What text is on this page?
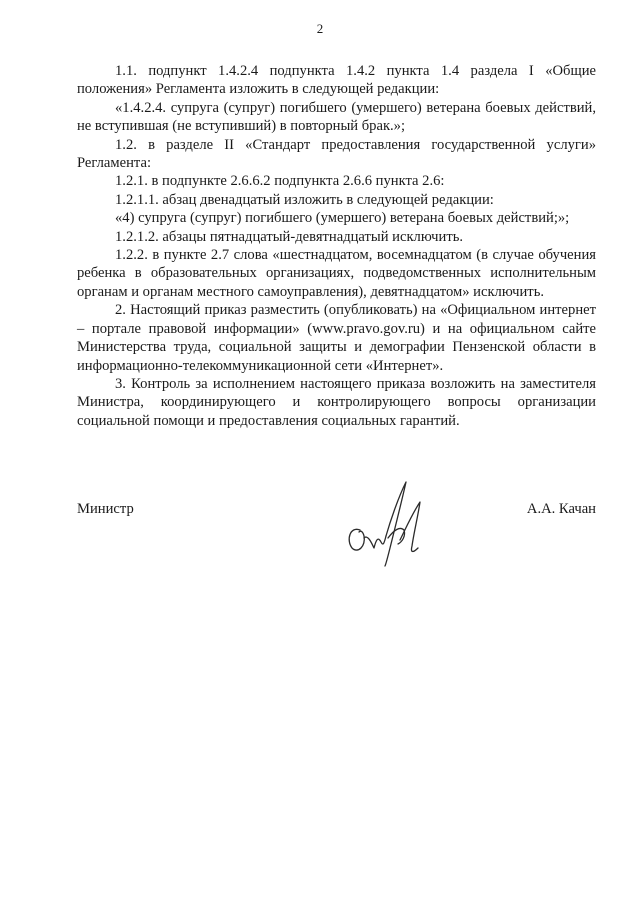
2

1.1. подпункт 1.4.2.4 подпункта 1.4.2 пункта 1.4 раздела I «Общие положения» Регламента изложить в следующей редакции:

«1.4.2.4. супруга (супруг) погибшего (умершего) ветерана боевых действий, не вступившая (не вступивший) в повторный брак.»;

1.2. в разделе II «Стандарт предоставления государственной услуги» Регламента:

1.2.1. в подпункте 2.6.6.2 подпункта 2.6.6 пункта 2.6:

1.2.1.1. абзац двенадцатый изложить в следующей редакции:

«4) супруга (супруг) погибшего (умершего) ветерана боевых действий;»;

1.2.1.2. абзацы пятнадцатый-девятнадцатый исключить.

1.2.2. в пункте 2.7 слова «шестнадцатом, восемнадцатом (в случае обучения ребенка в образовательных организациях, подведомственных исполнительным органам и органам местного самоуправления), девятнадцатом» исключить.

2. Настоящий приказ разместить (опубликовать) на «Официальном интернет – портале правовой информации» (www.pravo.gov.ru) и на официальном сайте Министерства труда, социальной защиты и демографии Пензенской области в информационно-телекоммуникационной сети «Интернет».

3. Контроль за исполнением настоящего приказа возложить на заместителя Министра, координирующего и контролирующего вопросы организации социальной помощи и предоставления социальных гарантий.

Министр	А.А. Качан
